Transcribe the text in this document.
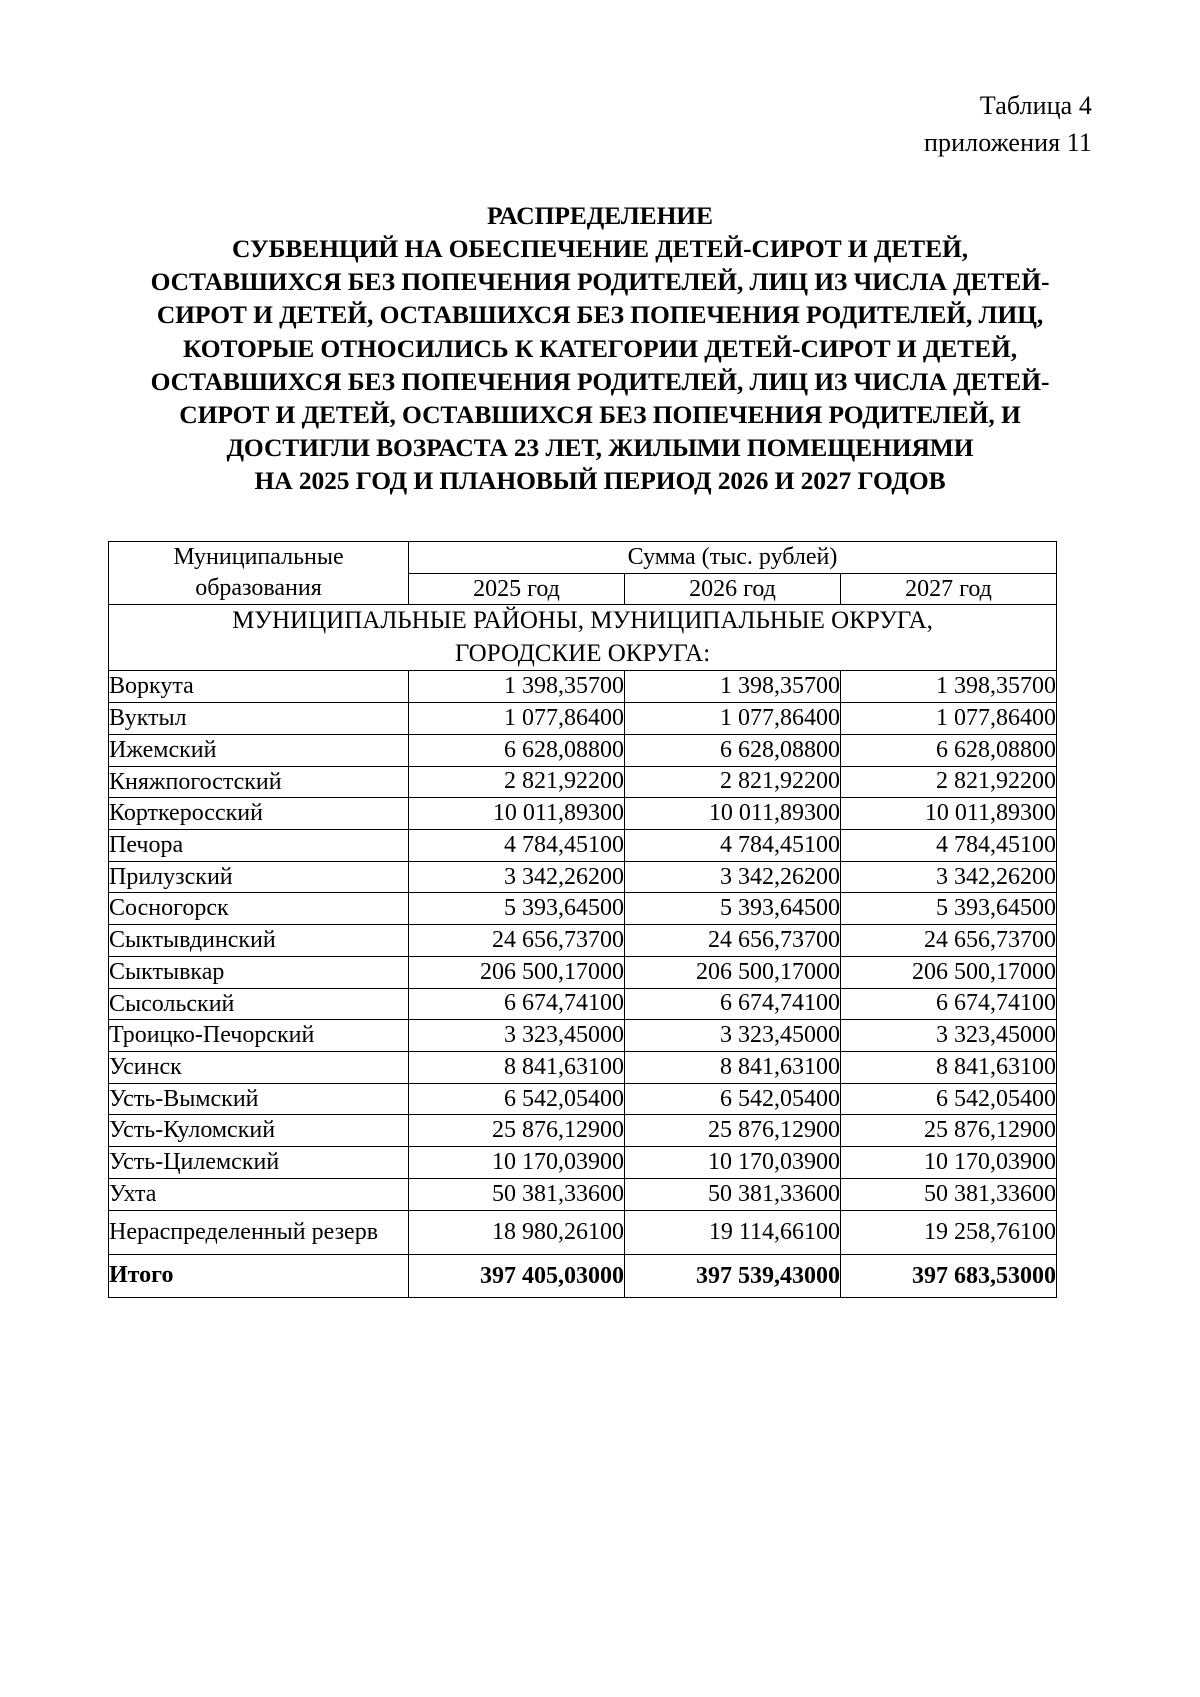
Таблица 4
приложения 11
РАСПРЕДЕЛЕНИЕ
СУБВЕНЦИЙ НА ОБЕСПЕЧЕНИЕ ДЕТЕЙ-СИРОТ И ДЕТЕЙ,
ОСТАВШИХСЯ БЕЗ ПОПЕЧЕНИЯ РОДИТЕЛЕЙ, ЛИЦ ИЗ ЧИСЛА ДЕТЕЙ-
СИРОТ И ДЕТЕЙ, ОСТАВШИХСЯ БЕЗ ПОПЕЧЕНИЯ РОДИТЕЛЕЙ, ЛИЦ,
КОТОРЫЕ ОТНОСИЛИСЬ К КАТЕГОРИИ ДЕТЕЙ-СИРОТ И ДЕТЕЙ,
ОСТАВШИХСЯ БЕЗ ПОПЕЧЕНИЯ РОДИТЕЛЕЙ, ЛИЦ ИЗ ЧИСЛА ДЕТЕЙ-
СИРОТ И ДЕТЕЙ, ОСТАВШИХСЯ БЕЗ ПОПЕЧЕНИЯ РОДИТЕЛЕЙ, И
ДОСТИГЛИ ВОЗРАСТА 23 ЛЕТ, ЖИЛЫМИ ПОМЕЩЕНИЯМИ
НА 2025 ГОД И ПЛАНОВЫЙ ПЕРИОД 2026 И 2027 ГОДОВ
Муниципальные
образования	Сумма (тыс. рублей)		
	2025 год	2026 год	2027 год
МУНИЦИПАЛЬНЫЕ РАЙОНЫ, МУНИЦИПАЛЬНЫЕ ОКРУГА,
ГОРОДСКИЕ ОКРУГА:			
Воркута	1 398,35700	1 398,35700	1 398,35700
Вуктыл	1 077,86400	1 077,86400	1 077,86400
Ижемский	6 628,08800	6 628,08800	6 628,08800
Княжпогостский	2 821,92200	2 821,92200	2 821,92200
Корткеросский	10 011,89300	10 011,89300	10 011,89300
Печора	4 784,45100	4 784,45100	4 784,45100
Прилузский	3 342,26200	3 342,26200	3 342,26200
Сосногорск	5 393,64500	5 393,64500	5 393,64500
Сыктывдинский	24 656,73700	24 656,73700	24 656,73700
Сыктывкар	206 500,17000	206 500,17000	206 500,17000
Сысольский	6 674,74100	6 674,74100	6 674,74100
Троицко-Печорский	3 323,45000	3 323,45000	3 323,45000
Усинск	8 841,63100	8 841,63100	8 841,63100
Усть-Вымский	6 542,05400	6 542,05400	6 542,05400
Усть-Куломский	25 876,12900	25 876,12900	25 876,12900
Усть-Цилемский	10 170,03900	10 170,03900	10 170,03900
Ухта	50 381,33600	50 381,33600	50 381,33600
Нераспределенный резерв	18 980,26100	19 114,66100	19 258,76100
Итого	397 405,03000	397 539,43000	397 683,53000
